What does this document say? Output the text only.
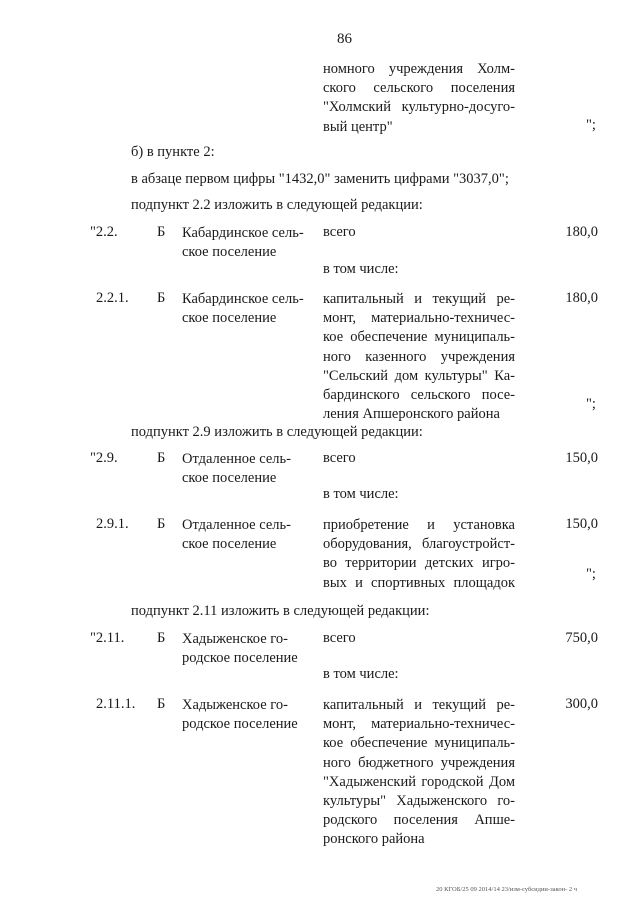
86
номного учреждения Холм-
ского сельского поселения
"Холмский культурно-досуго-
вый центр"	";
б) в пункте 2:
в абзаце первом цифры "1432,0" заменить цифрами "3037,0";
подпункт 2.2 изложить в следующей редакции:
"2.2.	Б Кабардинское сель-
ское поселение
всего	180,0
в том числе:
2.2.1. Б Кабардинское сель-
ское поселение
капитальный и текущий ре-
монт, материально-техничес-
кое обеспечение муниципаль-
ного казенного учреждения
"Сельский дом культуры" Ка-
бардинского сельского посе-
ления Апшеронского района
180,0
";
подпункт 2.9 изложить в следующей редакции:
"2.9.	Б Отдаленное сель-
ское поселение
всего	150,0
в том числе:
2.9.1. Б Отдаленное сель-
ское поселение
приобретение и установка
оборудования, благоустройст-
во территории детских игро-
вых и спортивных площадок
150,0
";
подпункт 2.11 изложить в следующей редакции:
"2.11. Б Хадыженское го-
родское поселение
всего	750,0
в том числе:
2.11.1. Б Хадыженское го-
родское поселение
капитальный и текущий ре-
монт, материально-техничес-
кое обеспечение муниципаль-
ного бюджетного учреждения
"Хадыженский городской Дом
культуры" Хадыженского го-
родского поселения Апше-
ронского района
300,0
20 КГОБ/25 09 2014/14 23/изм-субсидии-закон- 2 ч
